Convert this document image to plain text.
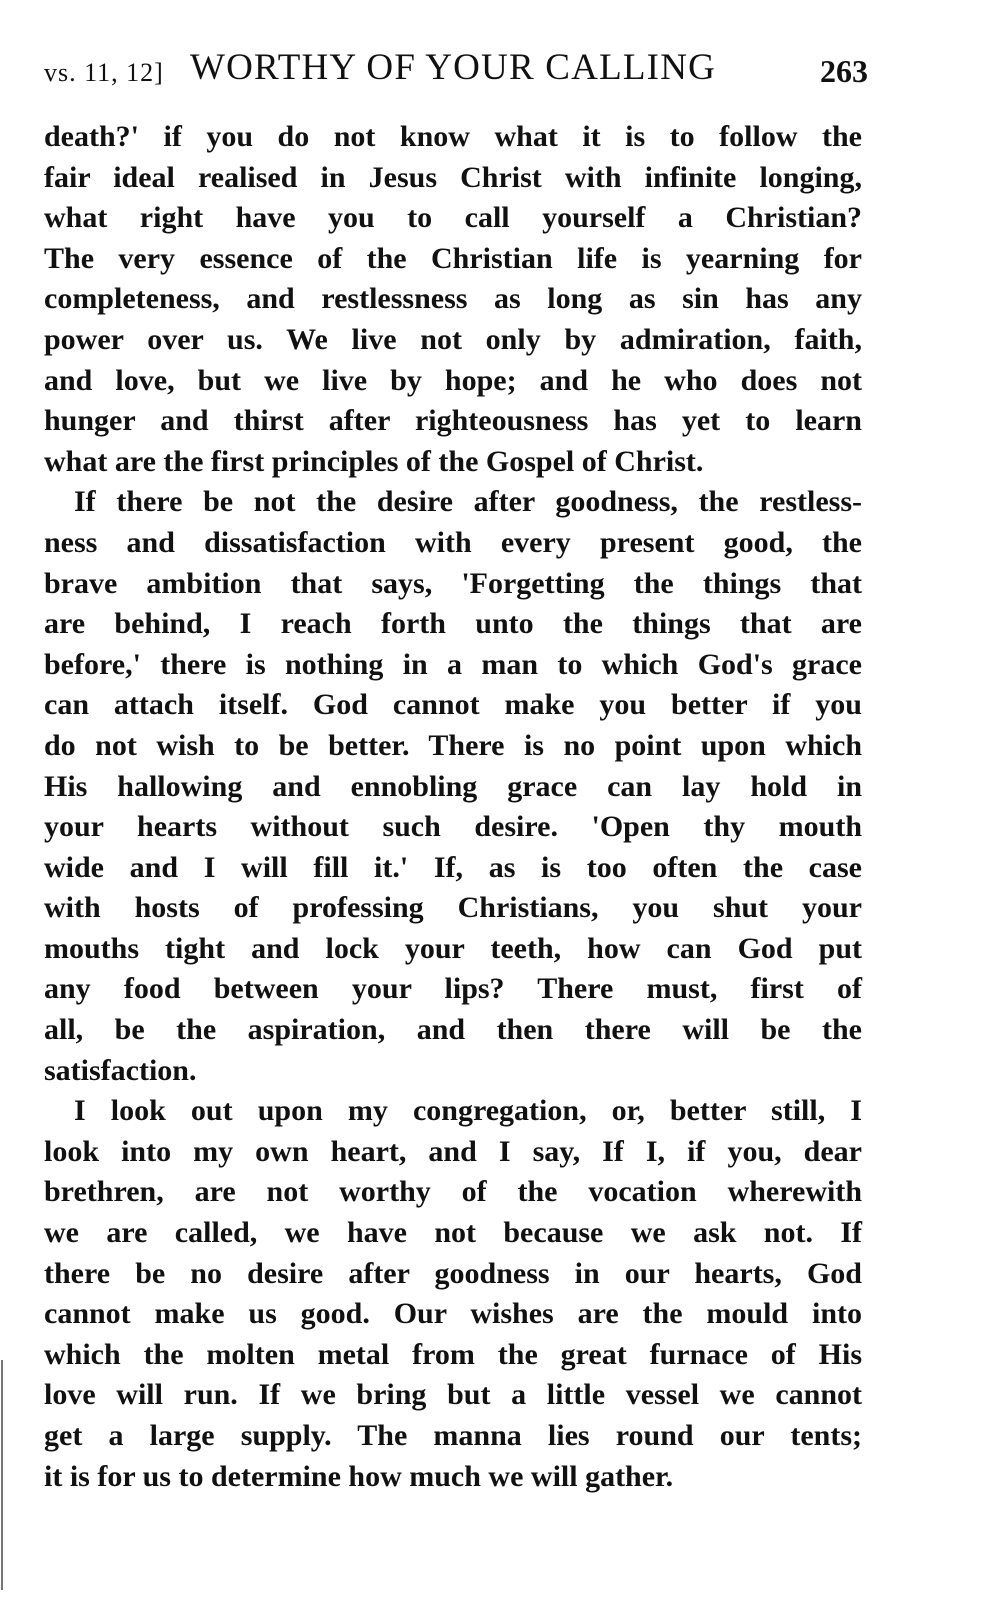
vs. 11, 12] WORTHY OF YOUR CALLING	263
death?' if you do not know what it is to follow the
fair ideal realised in Jesus Christ with infinite longing,
what right have you to call yourself a Christian?
The very essence of the Christian life is yearning for
completeness, and restlessness as long as sin has any
power over us. We live not only by admiration, faith,
and love, but we live by hope; and he who does not
hunger and thirst after righteousness has yet to learn
what are the first principles of the Gospel of Christ.
If there be not the desire after goodness, the restless-
ness and dissatisfaction with every present good, the
brave ambition that says, 'Forgetting the things that
are behind, I reach forth unto the things that are
before,' there is nothing in a man to which God's grace
can attach itself. God cannot make you better if you
do not wish to be better. There is no point upon which
His hallowing and ennobling grace can lay hold in
your hearts without such desire. 'Open thy mouth
wide and I will fill it.' If, as is too often the case
with hosts of professing Christians, you shut your
mouths tight and lock your teeth, how can God put
any food between your lips? There must, first of
all, be the aspiration, and then there will be the
satisfaction.
I look out upon my congregation, or, better still, I
look into my own heart, and I say, If I, if you, dear
brethren, are not worthy of the vocation wherewith
we are called, we have not because we ask not. If
there be no desire after goodness in our hearts, God
cannot make us good. Our wishes are the mould into
which the molten metal from the great furnace of His
love will run. If we bring but a little vessel we cannot
get a large supply. The manna lies round our tents;
it is for us to determine how much we will gather.
